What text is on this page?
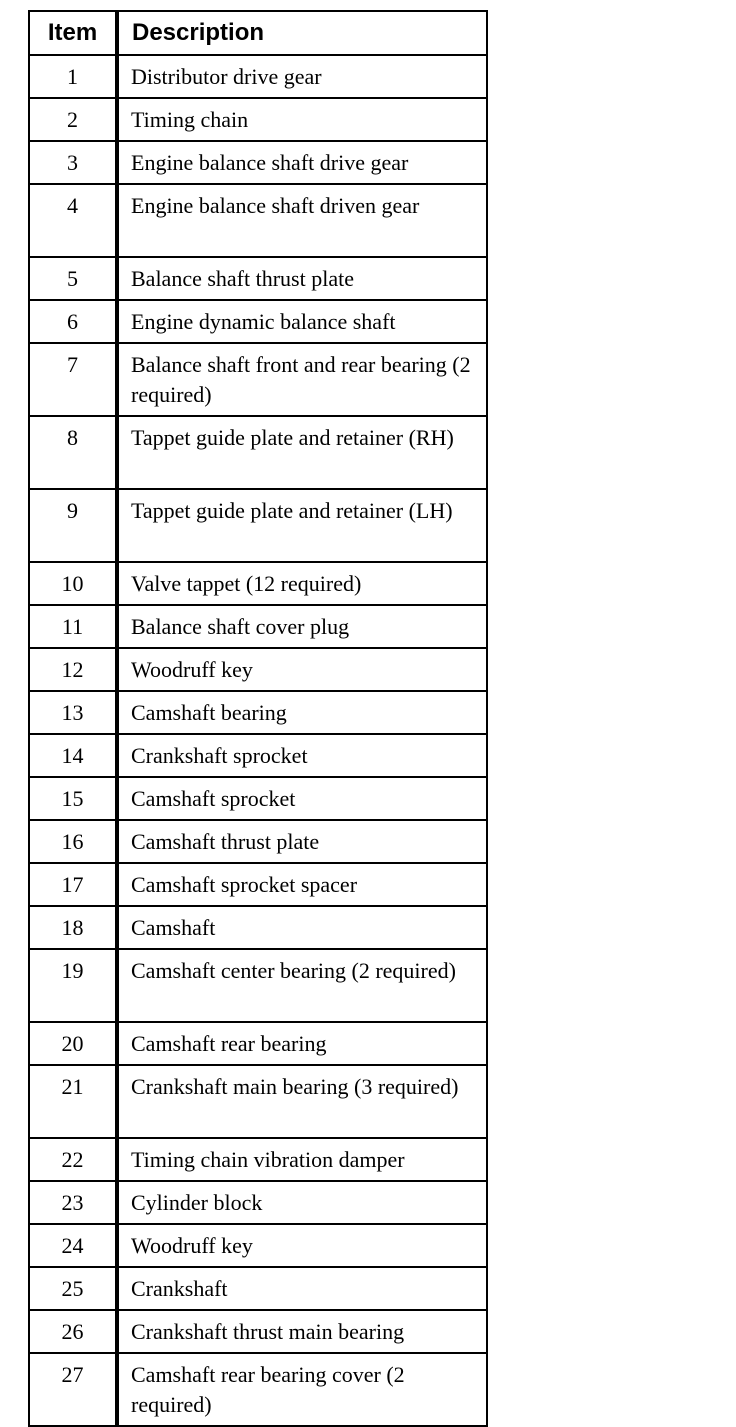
Item	Description
1	Distributor drive gear
2	Timing chain
3	Engine balance shaft drive gear
4	Engine balance shaft driven gear
5	Balance shaft thrust plate
6	Engine dynamic balance shaft
7	Balance shaft front and rear bearing (2 required)
8	Tappet guide plate and retainer (RH)
9	Tappet guide plate and retainer (LH)
10	Valve tappet (12 required)
11	Balance shaft cover plug
12	Woodruff key
13	Camshaft bearing
14	Crankshaft sprocket
15	Camshaft sprocket
16	Camshaft thrust plate
17	Camshaft sprocket spacer
18	Camshaft
19	Camshaft center bearing (2 required)
20	Camshaft rear bearing
21	Crankshaft main bearing (3 required)
22	Timing chain vibration damper
23	Cylinder block
24	Woodruff key
25	Crankshaft
26	Crankshaft thrust main bearing
27	Camshaft rear bearing cover (2 required)
